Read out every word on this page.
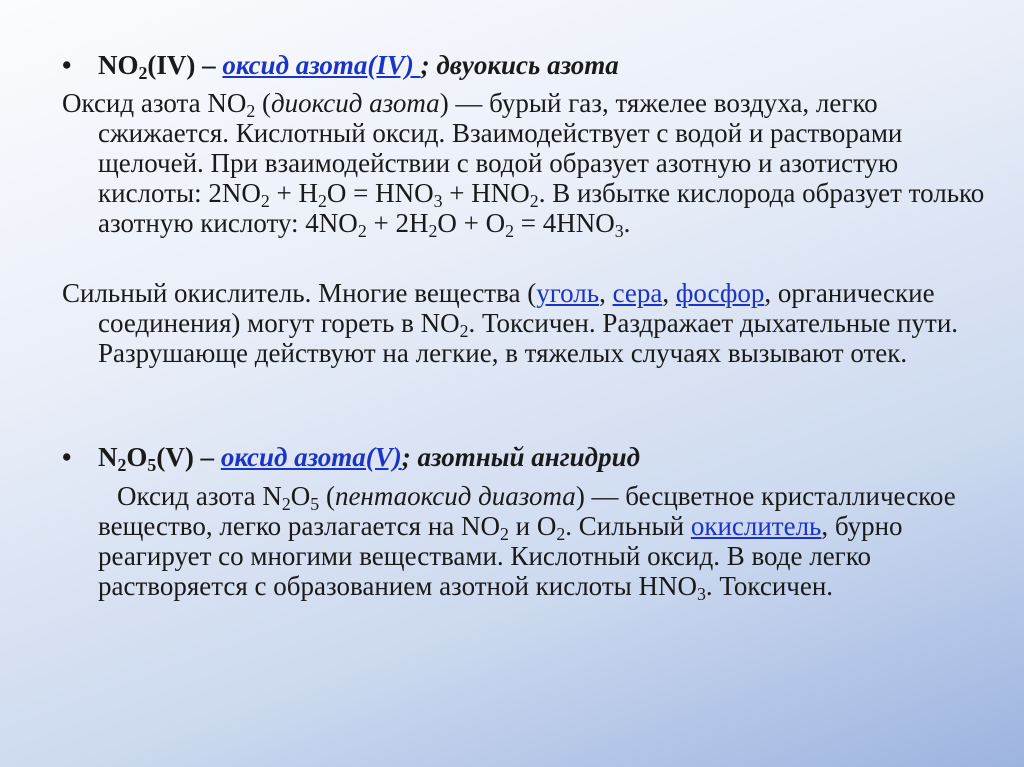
• $NO_2(IV)$ – оксид азота(IV) ; двуокись азота
Оксид азота $NO_2$ (диоксид азота) — бурый газ, тяжелее воздуха, легко сжижается. Кислотный оксид. Взаимодействует с водой и растворами щелочей. При взаимодействии с водой образует азотную и азотистую кислоты: $2NO_2 + H_2O = HNO_3 + HNO_2$. В избытке кислорода образует только азотную кислоту: $4NO_2 + 2H_2O + O_2 = 4HNO_3$.
Сильный окислитель. Многие вещества (уголь, сера, фосфор, органические соединения) могут гореть в $NO_2$. Токсичен. Раздражает дыхательные пути. Разрушающе действуют на легкие, в тяжелых случаях вызывают отек.
• $N_2O_5(V)$ – оксид азота(V); азотный ангидрид
Оксид азота $N_2O_5$ (пентаоксид диазота) — бесцветное кристаллическое вещество, легко разлагается на $NO_2$ и $O_2$. Сильный окислитель, бурно реагирует со многими веществами. Кислотный оксид. В воде легко растворяется с образованием азотной кислоты $HNO_3$. Токсичен.
